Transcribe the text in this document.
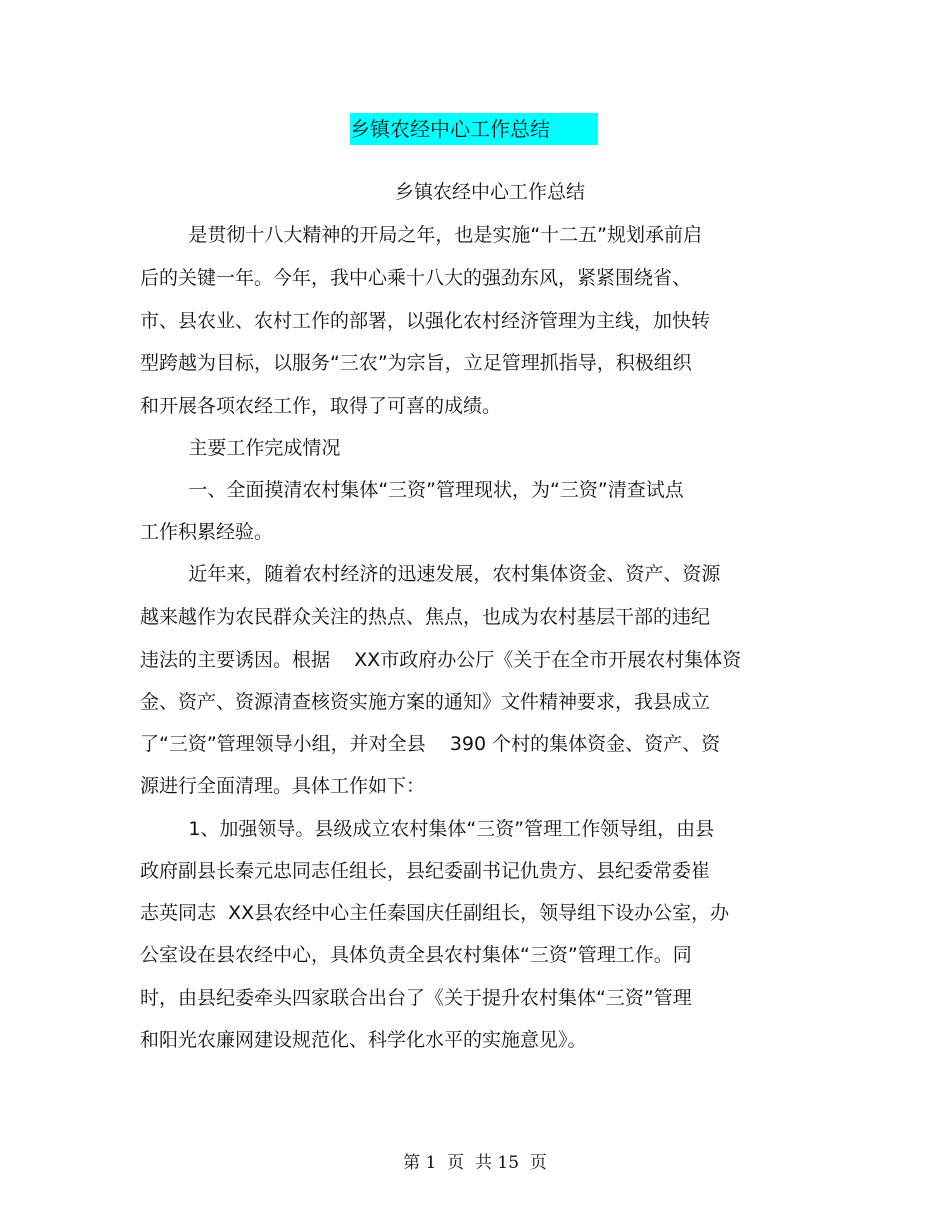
乡镇农经中心工作总结
乡镇农经中心工作总结
是贯彻十八大精神的开局之年，也是实施“十二五”规划承前启
后的关键一年。今年，我中心乘十八大的强劲东风，紧紧围绕省、
市、县农业、农村工作的部署，以强化农村经济管理为主线，加快转
型跨越为目标，以服务“三农”为宗旨，立足管理抓指导，积极组织
和开展各项农经工作，取得了可喜的成绩。
主要工作完成情况
一、全面摸清农村集体“三资”管理现状，为“三资”清查试点
工作积累经验。
近年来，随着农村经济的迅速发展，农村集体资金、资产、资源
越来越作为农民群众关注的热点、焦点，也成为农村基层干部的违纪
违法的主要诱因。根据    XX市政府办公厅《关于在全市开展农村集体资
金、资产、资源清查核资实施方案的通知》文件精神要求，我县成立
了“三资”管理领导小组，并对全县    390 个村的集体资金、资产、资
源进行全面清理。具体工作如下：
1、加强领导。县级成立农村集体“三资”管理工作领导组，由县
政府副县长秦元忠同志任组长，县纪委副书记仇贵方、县纪委常委崔
志英同志  XX县农经中心主任秦国庆任副组长，领导组下设办公室，办
公室设在县农经中心，具体负责全县农村集体“三资”管理工作。同
时，由县纪委牵头四家联合出台了《关于提升农村集体“三资”管理
和阳光农廉网建设规范化、科学化水平的实施意见》。
第 1  页  共 15  页
